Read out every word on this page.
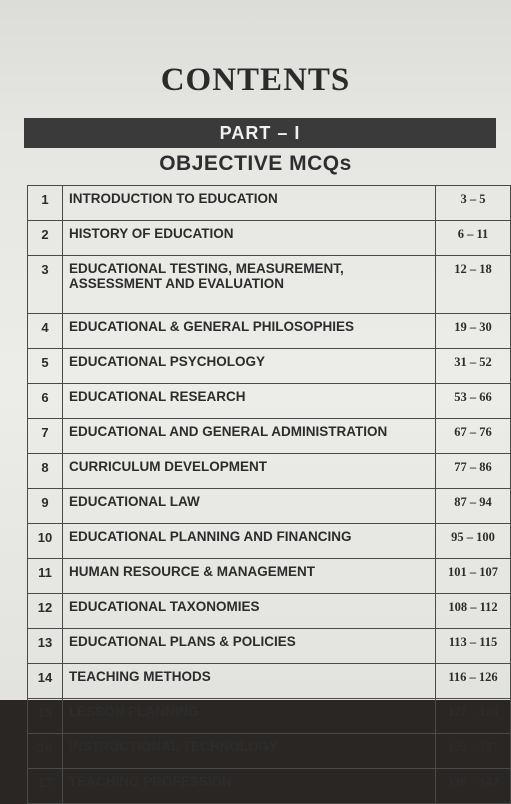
CONTENTS
PART – I
OBJECTIVE MCQs
1	INTRODUCTION TO EDUCATION	3 – 5
2	HISTORY OF EDUCATION	6 – 11
3	EDUCATIONAL TESTING, MEASUREMENT,
ASSESSMENT AND EVALUATION	12 – 18
4	EDUCATIONAL & GENERAL PHILOSOPHIES	19 – 30
5	EDUCATIONAL PSYCHOLOGY	31 – 52
6	EDUCATIONAL RESEARCH	53 – 66
7	EDUCATIONAL AND GENERAL ADMINISTRATION	67 – 76
8	CURRICULUM DEVELOPMENT	77 – 86
9	EDUCATIONAL LAW	87 – 94
10	EDUCATIONAL PLANNING AND FINANCING	95 – 100
11	HUMAN RESOURCE & MANAGEMENT	101 – 107
12	EDUCATIONAL TAXONOMIES	108 – 112
13	EDUCATIONAL PLANS & POLICIES	113 – 115
14	TEACHING METHODS	116 – 126
15	LESSON PLANNING	127 – 128
16	INSTRUCTIONAL TECHNOLOGY	129 – 137
17	TEACHING PROFESSION	138 – 142
